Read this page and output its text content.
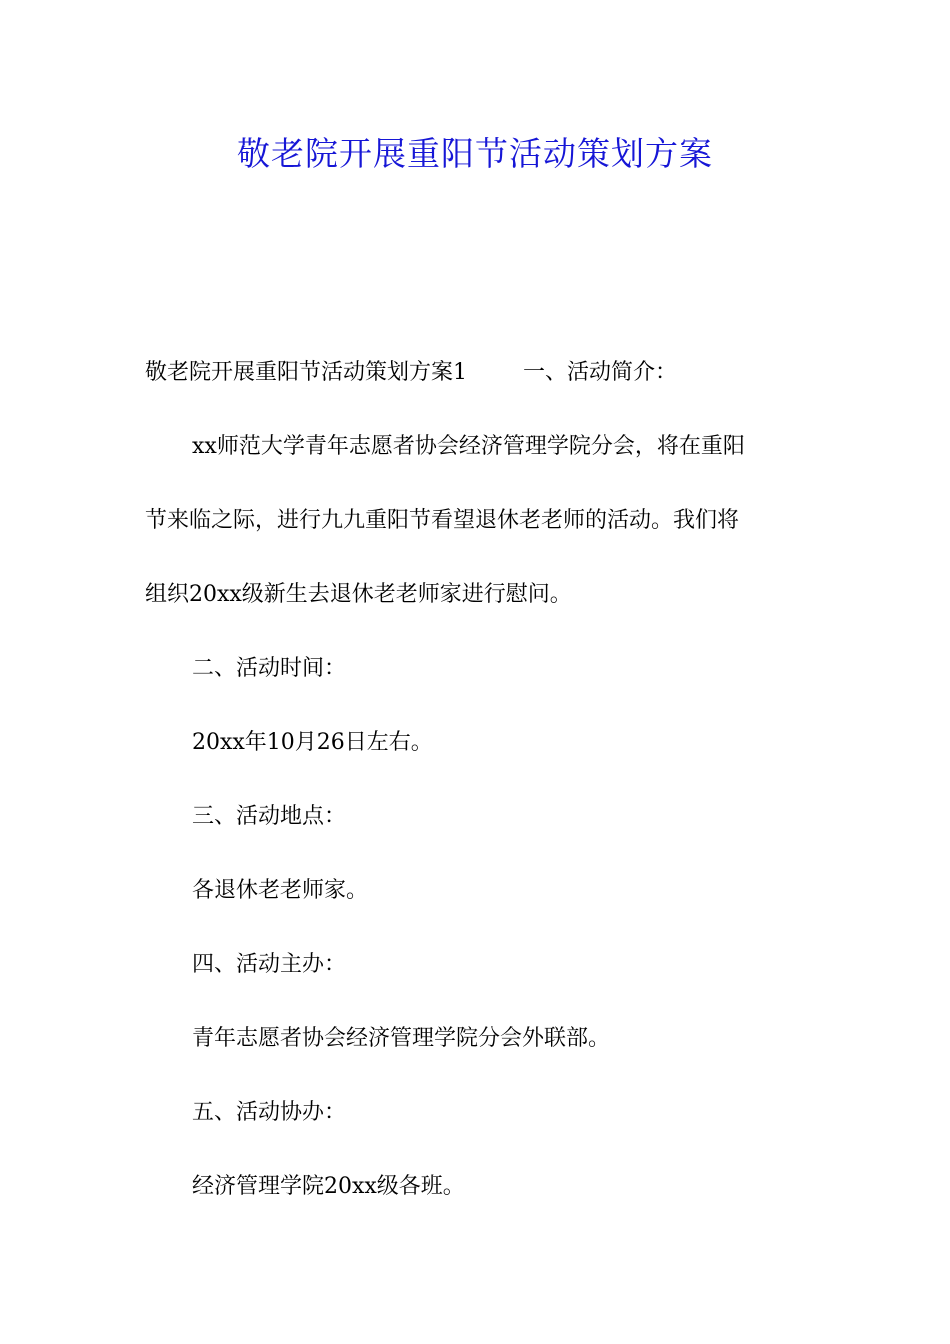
敬老院开展重阳节活动策划方案

敬老院开展重阳节活动策划方案1	一、活动简介：

xx师范大学青年志愿者协会经济管理学院分会，将在重阳

节来临之际，进行九九重阳节看望退休老老师的活动。我们将

组织20xx级新生去退休老老师家进行慰问。

二、活动时间：

20xx年10月26日左右。

三、活动地点：

各退休老老师家。

四、活动主办：

青年志愿者协会经济管理学院分会外联部。

五、活动协办：

经济管理学院20xx级各班。
